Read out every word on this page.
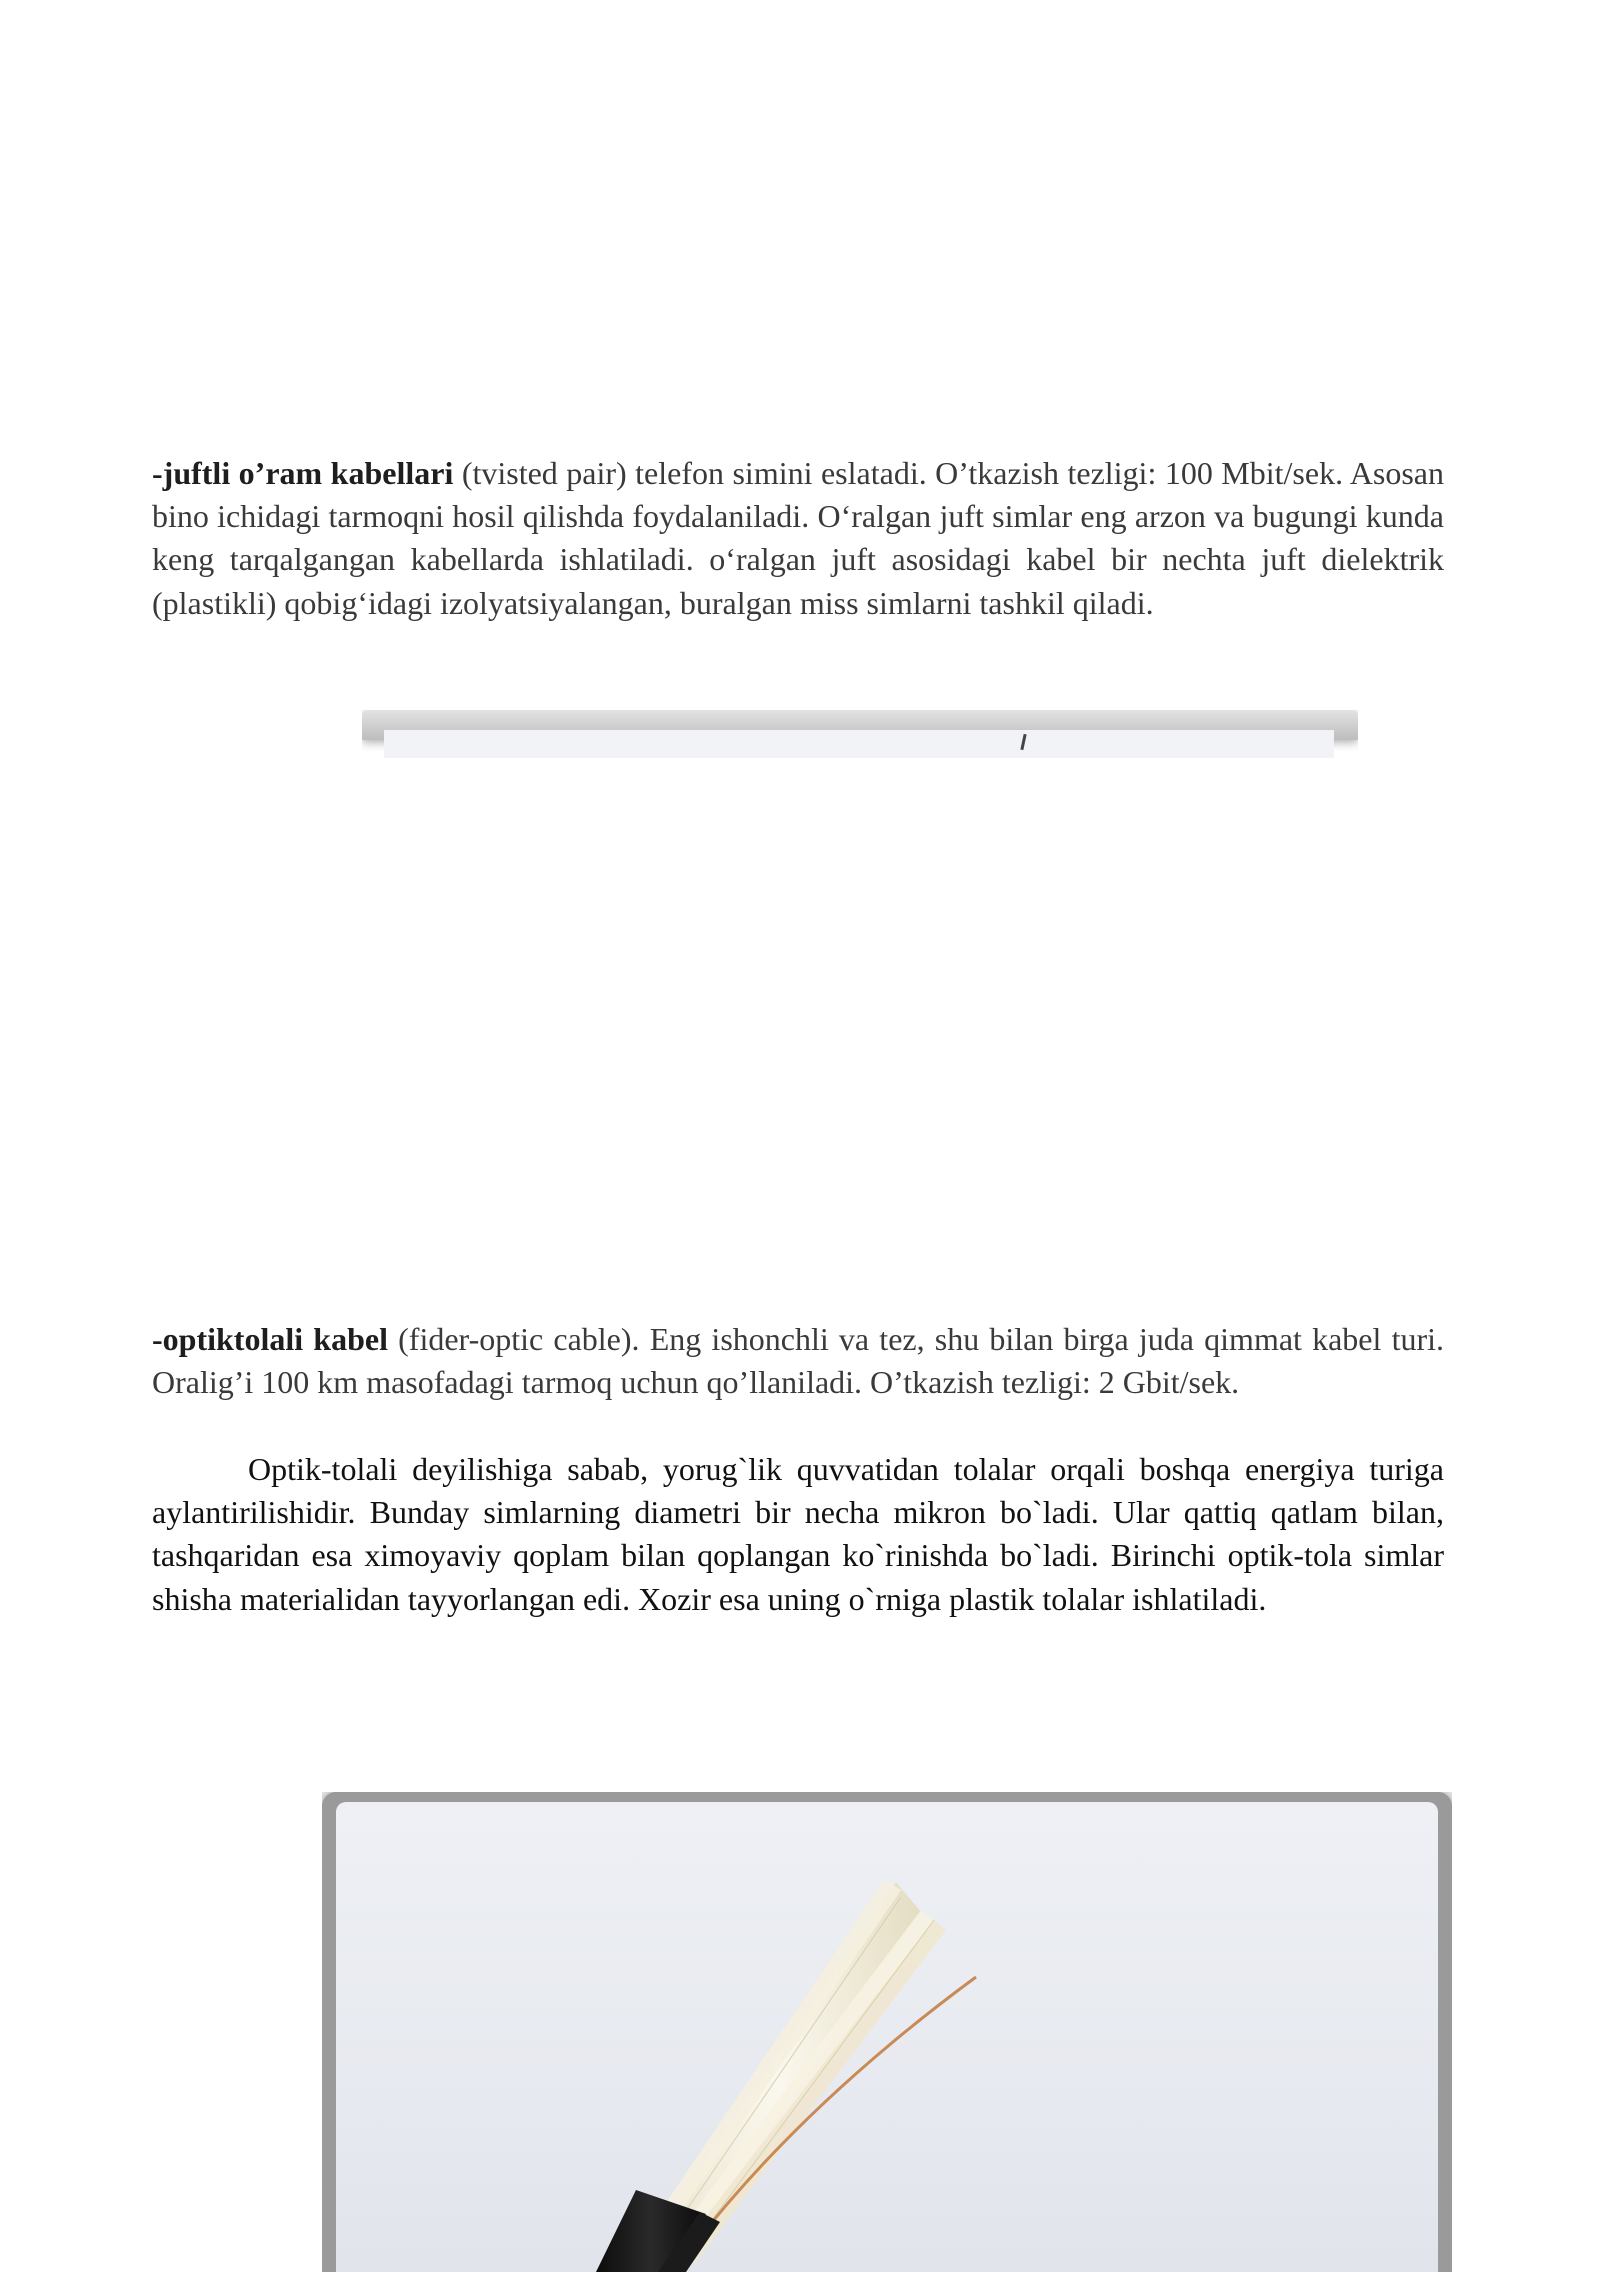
-juftli o’ram kabellari (tvisted pair) telefon simini eslatadi. O’tkazish tezligi: 100 Mbit/sek. Asosan bino ichidagi tarmoqni hosil qilishda foydalaniladi. O‘ralgan juft simlar eng arzon va bugungi kunda keng tarqalgangan kabellarda ishlatiladi. o‘ralgan juft asosidagi kabel bir nechta juft dielektrik (plastikli) qobig‘idagi izolyatsiyalangan, buralgan miss simlarni tashkil qiladi.

-optiktolali kabel (fider-optic cable). Eng ishonchli va tez, shu bilan birga juda qimmat kabel turi. Oralig’i 100 km masofadagi tarmoq uchun qo’llaniladi. O’tkazish tezligi: 2 Gbit/sek.

Optik-tolali deyilishiga sabab, yorug`lik quvvatidan tolalar orqali boshqa energiya turiga aylantirilishidir. Bunday simlarning diametri bir necha mikron bo`ladi. Ular qattiq qatlam bilan, tashqaridan esa ximoyaviy qoplam bilan qoplangan ko`rinishda bo`ladi. Birinchi optik-tola simlar shisha materialidan tayyorlangan edi. Xozir esa uning o`rniga plastik tolalar ishlatiladi.
